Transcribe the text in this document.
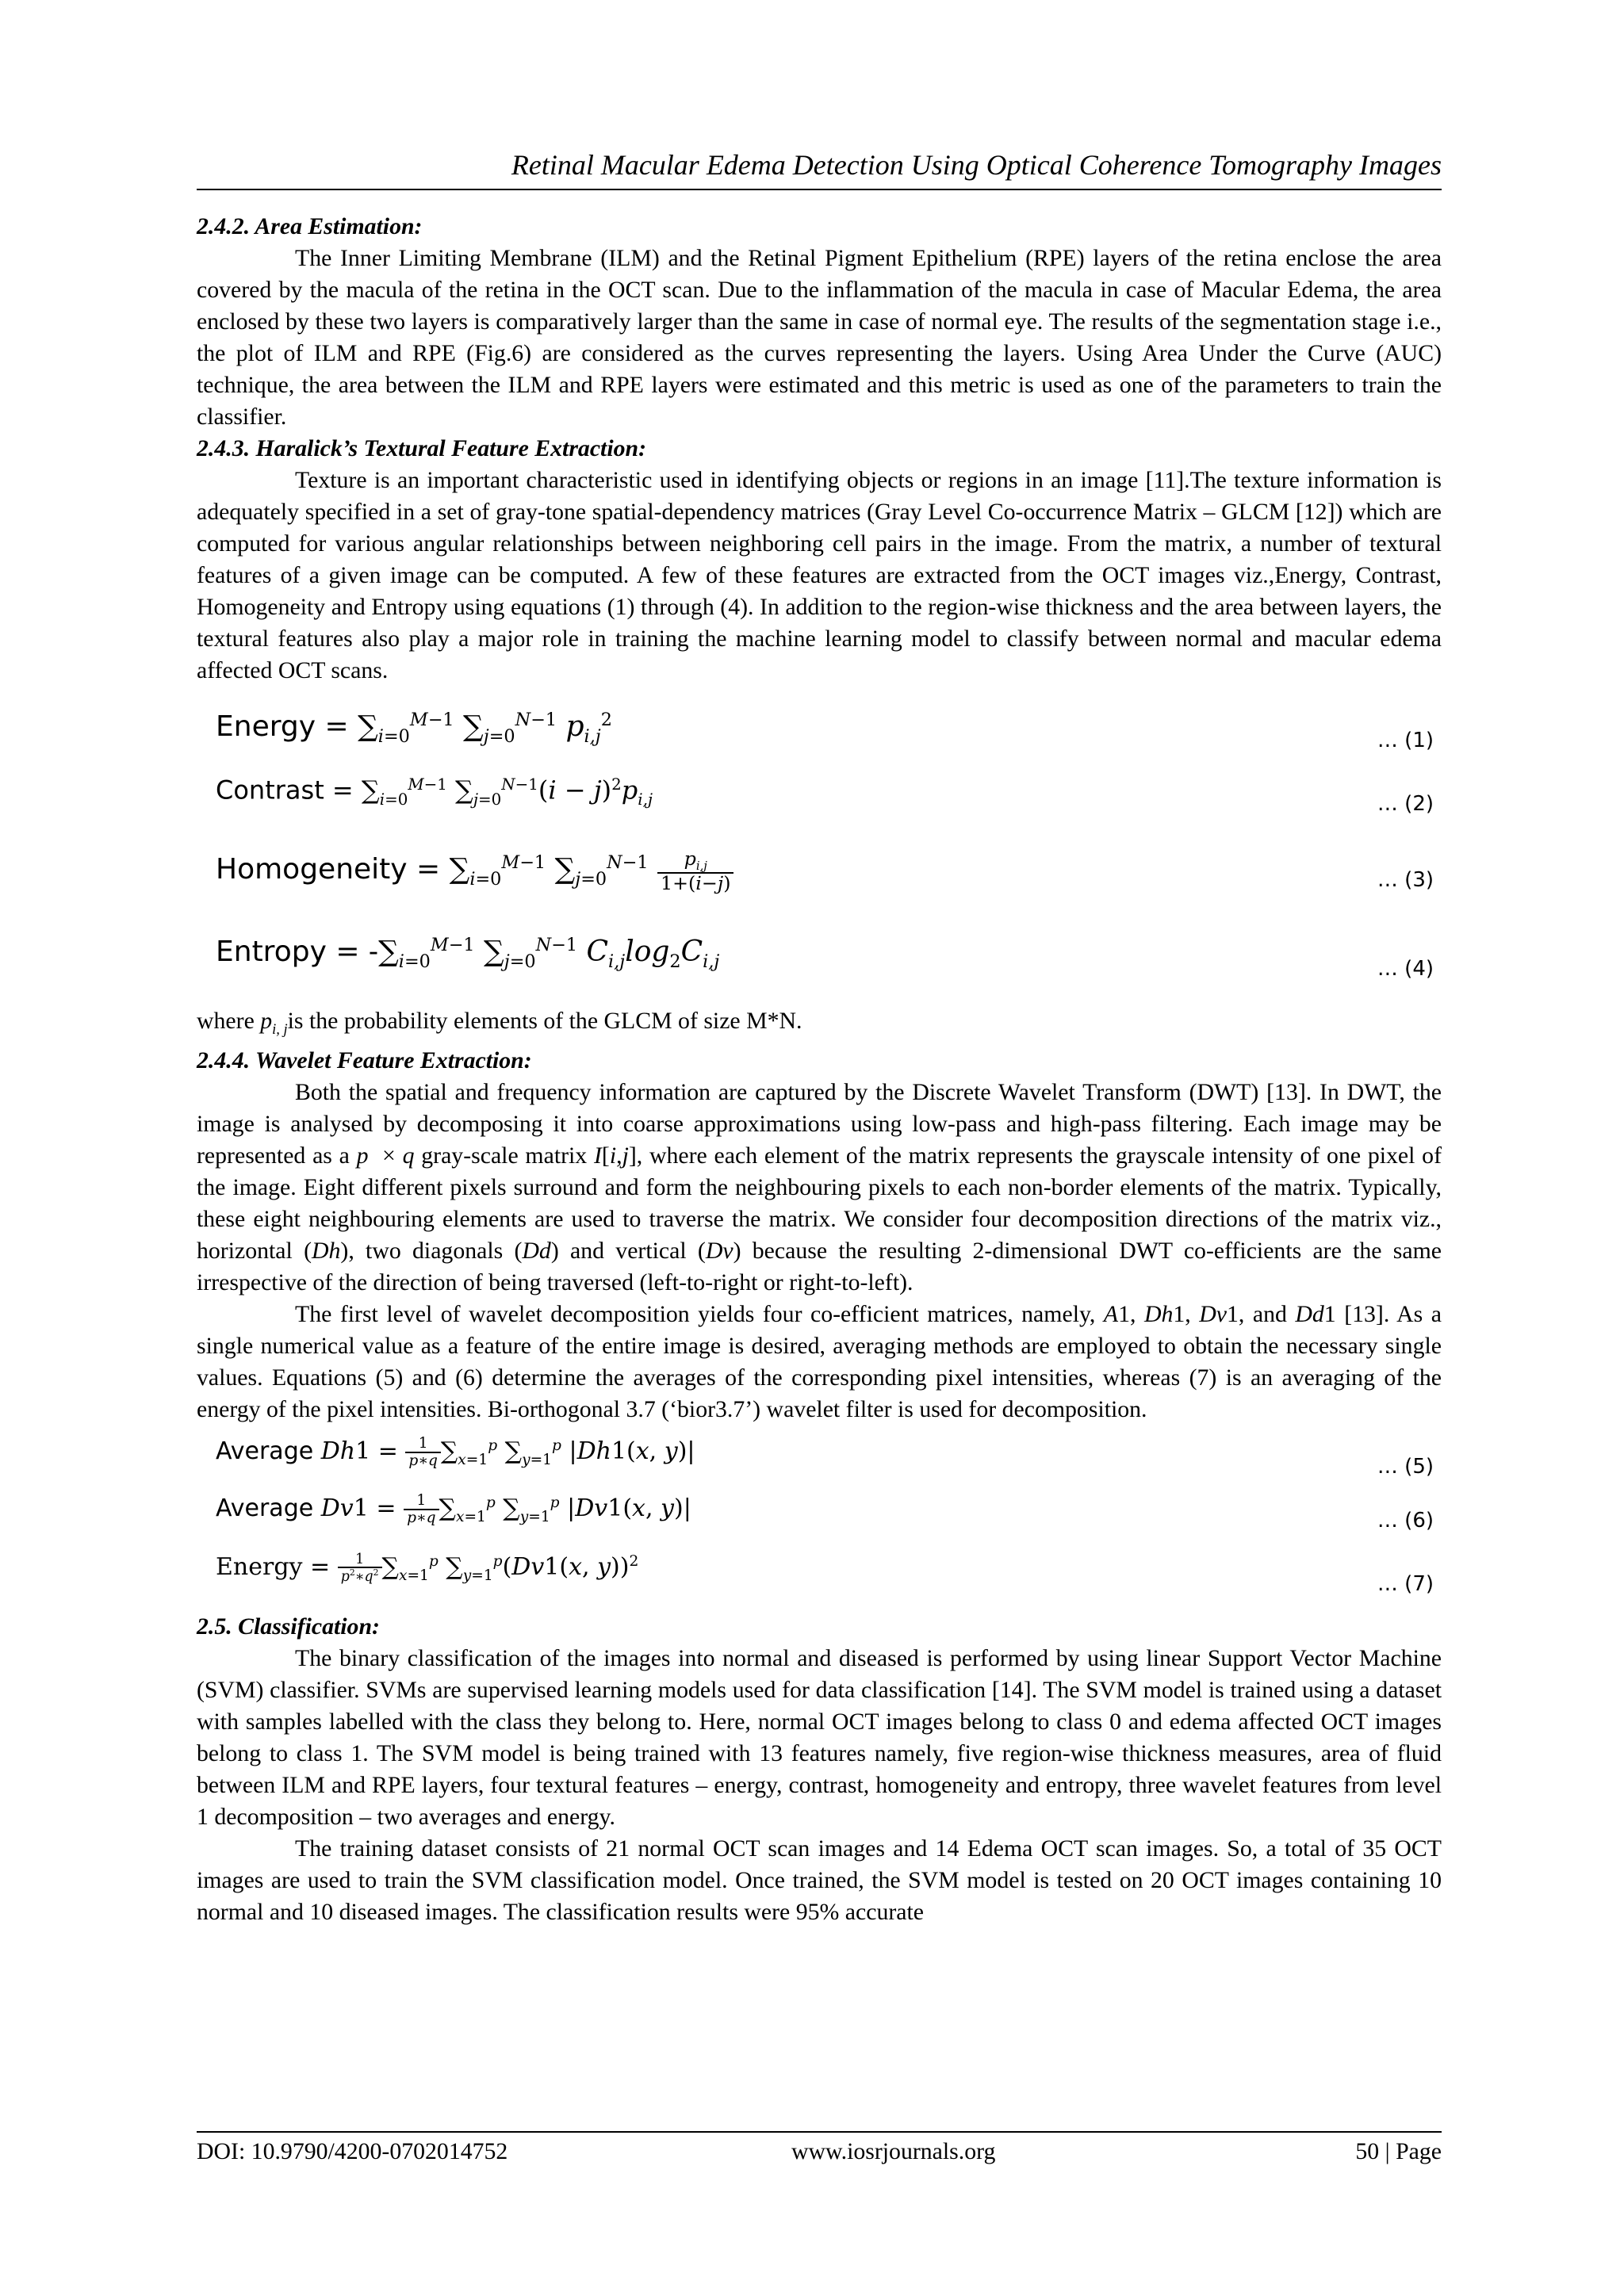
Retinal Macular Edema Detection Using Optical Coherence Tomography Images
2.4.2. Area Estimation:

The Inner Limiting Membrane (ILM) and the Retinal Pigment Epithelium (RPE) layers of the retina enclose the area covered by the macula of the retina in the OCT scan. Due to the inflammation of the macula in case of Macular Edema, the area enclosed by these two layers is comparatively larger than the same in case of normal eye. The results of the segmentation stage i.e., the plot of ILM and RPE (Fig.6) are considered as the curves representing the layers. Using Area Under the Curve (AUC) technique, the area between the ILM and RPE layers were estimated and this metric is used as one of the parameters to train the classifier.

2.4.3. Haralick’s Textural Feature Extraction:

Texture is an important characteristic used in identifying objects or regions in an image [11].The texture information is adequately specified in a set of gray-tone spatial-dependency matrices (Gray Level Co-occurrence Matrix – GLCM [12]) which are computed for various angular relationships between neighboring cell pairs in the image. From the matrix, a number of textural features of a given image can be computed. A few of these features are extracted from the OCT images viz.,Energy, Contrast, Homogeneity and Entropy using equations (1) through (4). In addition to the region-wise thickness and the area between layers, the textural features also play a major role in training the machine learning model to classify between normal and macular edema affected OCT scans.

Energy = $\sum_{i=0}^{M-1}$ $\sum_{j=0}^{N-1}$ $p_{i,j}^2$
… (1)
Contrast = $\sum_{i=0}^{M-1}$ $\sum_{j=0}^{N-1}(i - j)^2p_{i,j}$	… (2)
Homogeneity = $\sum_{i=0}^{M-1}$ $\sum_{j=0}^{N-1} \frac{p_{i,j}}{1+(i-j)}$	… (3)
Entropy = $-\sum_{i=0}^{M-1}$ $\sum_{j=0}^{N-1}$ $C_{i,j}\log_2C_{i,j}$	… (4)

where $p_{i, j}is$ the probability elements of the GLCM of size M*N.

2.4.4. Wavelet Feature Extraction:

Both the spatial and frequency information are captured by the Discrete Wavelet Transform (DWT) [13]. In DWT, the image is analysed by decomposing it into coarse approximations using low-pass and high-pass filtering. Each image may be represented as a p  × q gray-scale matrix I[i,j], where each element of the matrix represents the grayscale intensity of one pixel of the image. Eight different pixels surround and form the neighbouring pixels to each non-border elements of the matrix. Typically, these eight neighbouring elements are used to traverse the matrix. We consider four decomposition directions of the matrix viz., horizontal (Dh), two diagonals (Dd) and vertical (Dv) because the resulting 2-dimensional DWT co-efficients are the same irrespective of the direction of being traversed (left-to-right or right-to-left).

The first level of wavelet decomposition yields four co-efficient matrices, namely, A1, Dh1, Dv1, and Dd1 [13]. As a single numerical value as a feature of the entire image is desired, averaging methods are employed to obtain the necessary single values. Equations (5) and (6) determine the averages of the corresponding pixel intensities, whereas (7) is an averaging of the energy of the pixel intensities. Bi-orthogonal 3.7 (‘bior3.7’) wavelet filter is used for decomposition.

Average $Dh1 = \frac{1}{p∗q} \sum_{x=1}^p$ $\sum_{y=1}^p$ |Dh1(x, y)|
… (5)
Average $Dv1 = \frac{1}{p∗q} \sum_{x=1}^p$ $\sum_{y=1}^p$ |Dv1(x, y)|	… (6)
Energy = $\frac{1}{p^2∗q^2} \sum_{x=1}^p$ $\sum_{y=1}^p(Dv1(x$, y))$^2$
… (7)
2.5. Classification:

The binary classification of the images into normal and diseased is performed by using linear Support Vector Machine (SVM) classifier. SVMs are supervised learning models used for data classification [14]. The SVM model is trained using a dataset with samples labelled with the class they belong to. Here, normal OCT images belong to class 0 and edema affected OCT images belong to class 1. The SVM model is being trained with 13 features namely, five region-wise thickness measures, area of fluid between ILM and RPE layers, four textural features – energy, contrast, homogeneity and entropy, three wavelet features from level 1 decomposition – two averages and energy.

The training dataset consists of 21 normal OCT scan images and 14 Edema OCT scan images. So, a total of 35 OCT images are used to train the SVM classification model. Once trained, the SVM model is tested on 20 OCT images containing 10 normal and 10 diseased images. The classification results were 95% accurate

DOI: 10.9790/4200-0702014752	www.iosrjournals.org	50 | Page
